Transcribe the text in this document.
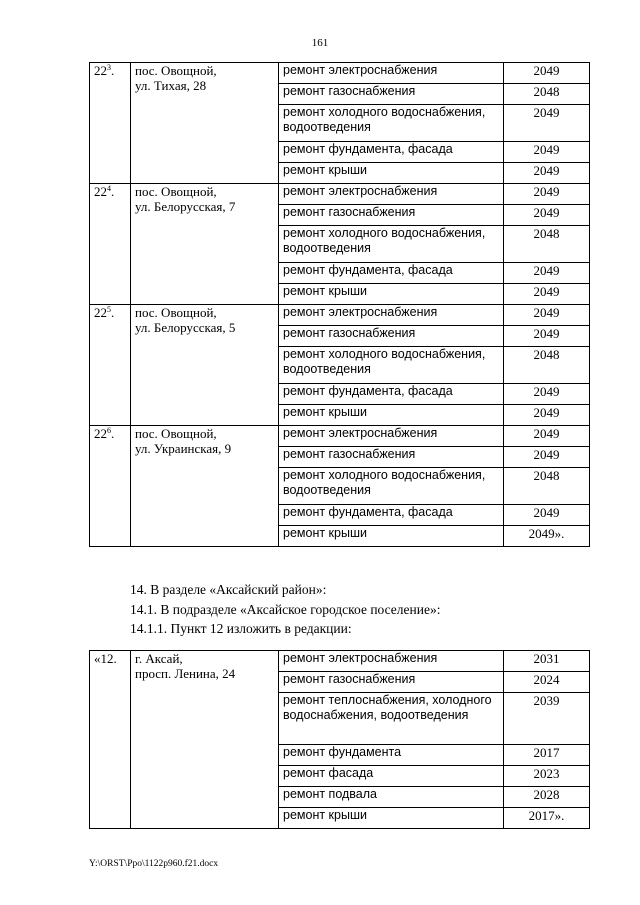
161
$22^3$.	пос. Овощной,
ул. Тихая, 28	ремонт электроснабжения	2049
		ремонт газоснабжения	2048
		ремонт холодного водоснабжения, водоотведения	2049
		ремонт фундамента, фасада	2049
		ремонт крыши	2049
$22^4$.	пос. Овощной,
ул. Белорусская, 7	ремонт электроснабжения	2049
		ремонт газоснабжения	2049
		ремонт холодного водоснабжения, водоотведения	2048
		ремонт фундамента, фасада	2049
		ремонт крыши	2049
$22^5$.	пос. Овощной,
ул. Белорусская, 5	ремонт электроснабжения	2049
		ремонт газоснабжения	2049
		ремонт холодного водоснабжения, водоотведения	2048
		ремонт фундамента, фасада	2049
		ремонт крыши	2049
$22^6$.	пос. Овощной,
ул. Украинская, 9	ремонт электроснабжения	2049
		ремонт газоснабжения	2049
		ремонт холодного водоснабжения, водоотведения	2048
		ремонт фундамента, фасада	2049
		ремонт крыши	2049».
14. В разделе «Аксайский район»:
14.1. В подразделе «Аксайское городское поселение»:
14.1.1. Пункт 12 изложить в редакции:
«12.	г. Аксай,
просп. Ленина, 24	ремонт электроснабжения	2031
		ремонт газоснабжения	2024
		ремонт теплоснабжения, холодного водоснабжения, водоотведения	2039
		ремонт фундамента	2017
		ремонт фасада	2023
		ремонт подвала	2028
		ремонт крыши	2017».
Y:\ORST\Ppo\1122p960.f21.docx
